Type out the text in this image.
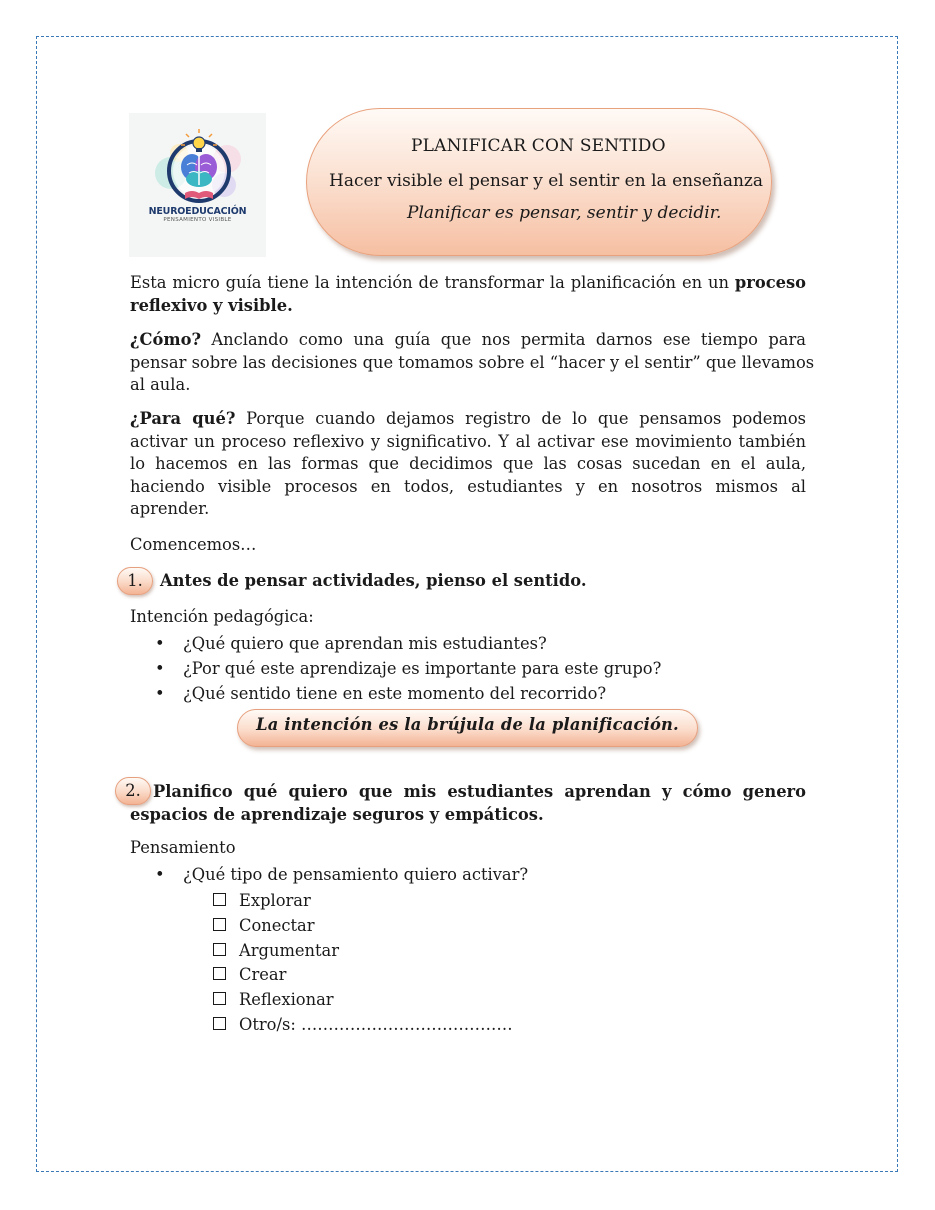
NEUROEDUCACIÓN
PENSAMIENTO VISIBLE
PLANIFICAR CON SENTIDO
Hacer visible el pensar y el sentir en la enseñanza
Planificar es pensar, sentir y decidir.
Esta micro guía tiene la intención de transformar la planificación en un proceso
reflexivo y visible.
¿Cómo? Anclando como una guía que nos permita darnos ese tiempo para
pensar sobre las decisiones que tomamos sobre el “hacer y el sentir” que llevamos
al aula.
¿Para qué? Porque cuando dejamos registro de lo que pensamos podemos
activar un proceso reflexivo y significativo. Y al activar ese movimiento también
lo hacemos en las formas que decidimos que las cosas sucedan en el aula,
haciendo visible procesos en todos, estudiantes y en nosotros mismos al
aprender.
Comencemos…
1.	Antes de pensar actividades, pienso el sentido.
Intención pedagógica:
• ¿Qué quiero que aprendan mis estudiantes?
• ¿Por qué este aprendizaje es importante para este grupo?
• ¿Qué sentido tiene en este momento del recorrido?
La intención es la brújula de la planificación.
2. Planifico qué quiero que mis estudiantes aprendan y cómo genero
espacios de aprendizaje seguros y empáticos.
Pensamiento
• ¿Qué tipo de pensamiento quiero activar?
Explorar
Conectar
Argumentar
Crear
Reflexionar
Otro/s: …………………………………
